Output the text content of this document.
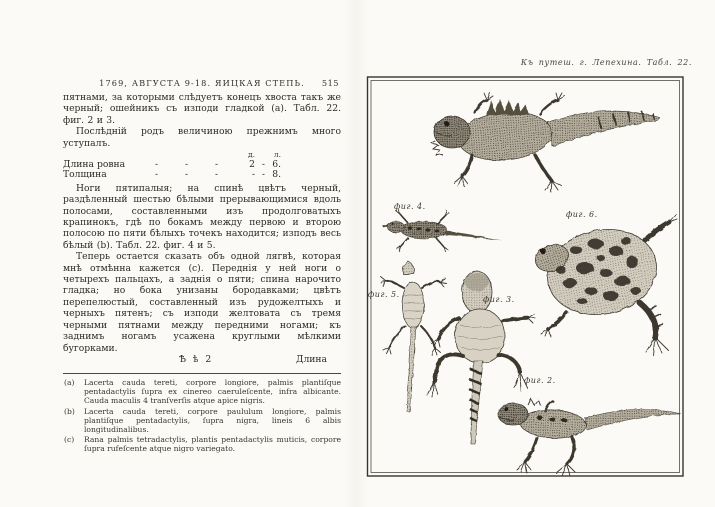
1769, АВГУСТА 9-18. ЯИЦКАЯ СТЕПЬ. 515

пятнами, за которыми слѣдуетъ конецъ хвоста такъ же черный; ошейникъ съ изподи гладкой (a). Табл. 22. фиг. 2 и 3.

Послѣдній родъ величиною прежнимъ много уступалъ.

д.	л.
Длина ровна	-	-	-	2 - 6.
Толщина	-	-	-	- - 8.

Ноги пятипалыя; на спинѣ цвѣтъ черный, раздѣленный шестью бѣлыми прерывающимися вдоль полосами, составленными изъ продолговатыхъ крапинокъ, гдѣ по бокамъ между первою и второю полосою по пяти бѣлыхъ точекъ находится; изподъ весь бѣлый (b). Табл. 22. фиг. 4 и 5.

Теперь остается сказать объ одной лягвѣ, которая мнѣ отмѣнна кажется (c). Переднія у ней ноги о четырехъ пальцахъ, а заднія о пяти; спина нарочито гладка; но бока унизаны бородавками; цвѣтъ перепелюстый, составленный изъ рудожелтыхъ и черныхъ пятенъ; съ изподи желтовата съ тремя черными пятнами между передними ногами; къ заднимъ ногамъ усажена круглыми мѣлкими бугорками.

Ѣ ѣ 2	Длина
(a) Lacerta cauda tereti, corpore longiore, palmis plantiſque pentadactylis ſupra ex cinereo caeruleſcente, infra albicante. Cauda maculis 4 tranſverſis atque apice nigris.
(b) Lacerta cauda tereti, corpore paululum longiore, palmis plantiſque pentadactylis, ſupra nigra, lineis 6 albis longitudinalibus.
(c) Rana palmis tetradactylis, plantis pentadactylis muticis, corpore ſupra rufeſcente atque nigro variegato.
Къ путеш. г. Лепехина. Табл. 22.
фиг. 4.
фиг. 6.
фиг. 5.
фиг. 3.
фиг. 2.
